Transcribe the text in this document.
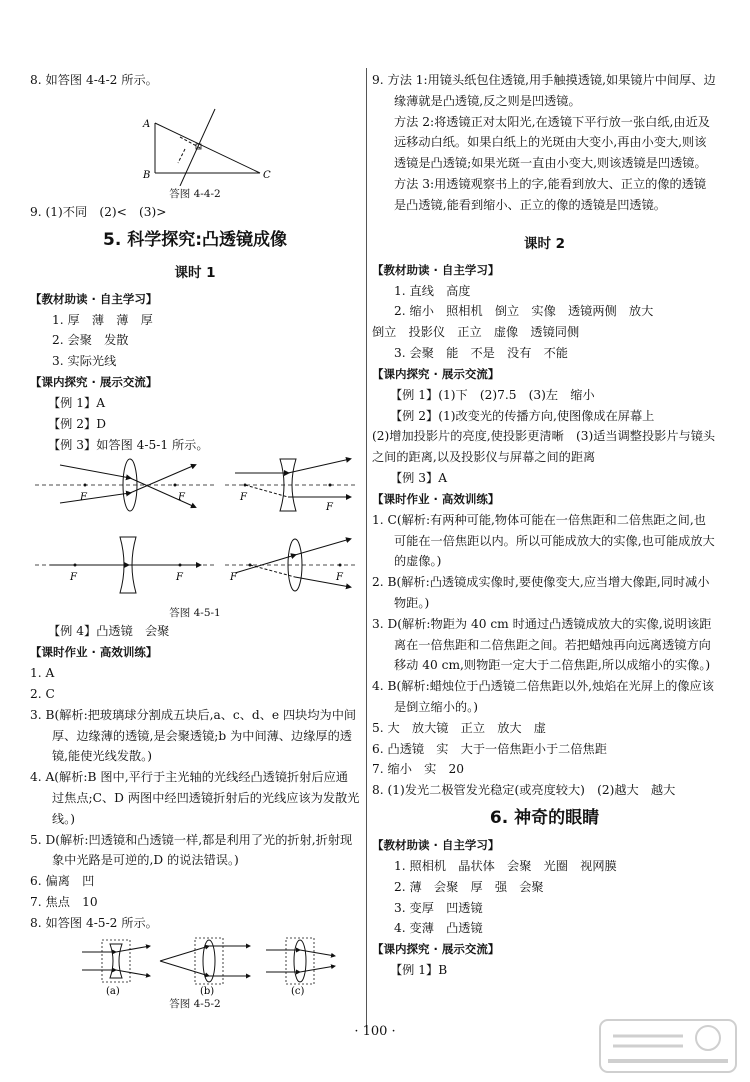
8. 如答图 4-4-2 所示。
A
B	C
答图 4-4-2
9. (1)不同　(2)<　(3)>
5. 科学探究:凸透镜成像
课时 1
【教材助读 · 自主学习】
1. 厚　薄　薄　厚
2. 会聚　发散
3. 实际光线
【课内探究 · 展示交流】
【例 1】A
【例 2】D
【例 3】如答图 4-5-1 所示。
F	F	F
F
F	F	F	F
答图 4-5-1
【例 4】凸透镜　会聚
【课时作业 · 高效训练】
1. A
2. C
3. B(解析:把玻璃球分割成五块后,a、c、d、e 四块均为中间厚、边缘薄的透镜,是会聚透镜;b 为中间薄、边缘厚的透镜,能使光线发散。)
4. A(解析:B 图中,平行于主光轴的光线经凸透镜折射后应通过焦点;C、D 两图中经凹透镜折射后的光线应该为发散光线。)
5. D(解析:凹透镜和凸透镜一样,都是利用了光的折射,折射现象中光路是可逆的,D 的说法错误。)
6. 偏离　凹
7. 焦点　10
8. 如答图 4-5-2 所示。
(a)	(b)	(c)
答图 4-5-2
9. 方法 1:用镜头纸包住透镜,用手触摸透镜,如果镜片中间厚、边缘薄就是凸透镜,反之则是凹透镜。
方法 2:将透镜正对太阳光,在透镜下平行放一张白纸,由近及远移动白纸。如果白纸上的光斑由大变小,再由小变大,则该透镜是凸透镜;如果光斑一直由小变大,则该透镜是凹透镜。
方法 3:用透镜观察书上的字,能看到放大、正立的像的透镜是凸透镜,能看到缩小、正立的像的透镜是凹透镜。
课时 2
【教材助读 · 自主学习】
1. 直线　高度
2. 缩小　照相机　倒立　实像　透镜两侧　放大
倒立　投影仪　正立　虚像　透镜同侧
3. 会聚　能　不是　没有　不能
【课内探究 · 展示交流】
【例 1】(1)下　(2)7.5　(3)左　缩小
【例 2】(1)改变光的传播方向,使图像成在屏幕上
(2)增加投影片的亮度,使投影更清晰　(3)适当调整投影片与镜头之间的距离,以及投影仪与屏幕之间的距离
【例 3】A
【课时作业 · 高效训练】
1. C(解析:有两种可能,物体可能在一倍焦距和二倍焦距之间,也可能在一倍焦距以内。所以可能成放大的实像,也可能成放大的虚像。)
2. B(解析:凸透镜成实像时,要使像变大,应当增大像距,同时减小物距。)
3. D(解析:物距为 40 cm 时通过凸透镜成放大的实像,说明该距离在一倍焦距和二倍焦距之间。若把蜡烛再向远离透镜方向移动 40 cm,则物距一定大于二倍焦距,所以成缩小的实像。)
4. B(解析:蜡烛位于凸透镜二倍焦距以外,烛焰在光屏上的像应该是倒立缩小的。)
5. 大　放大镜　正立　放大　虚
6. 凸透镜　实　大于一倍焦距小于二倍焦距
7. 缩小　实　20
8. (1)发光二极管发光稳定(或亮度较大)　(2)越大　越大
6. 神奇的眼睛
【教材助读 · 自主学习】
1. 照相机　晶状体　会聚　光圈　视网膜
2. 薄　会聚　厚　强　会聚
3. 变厚　凹透镜
4. 变薄　凸透镜
【课内探究 · 展示交流】
【例 1】B
· 100 ·
